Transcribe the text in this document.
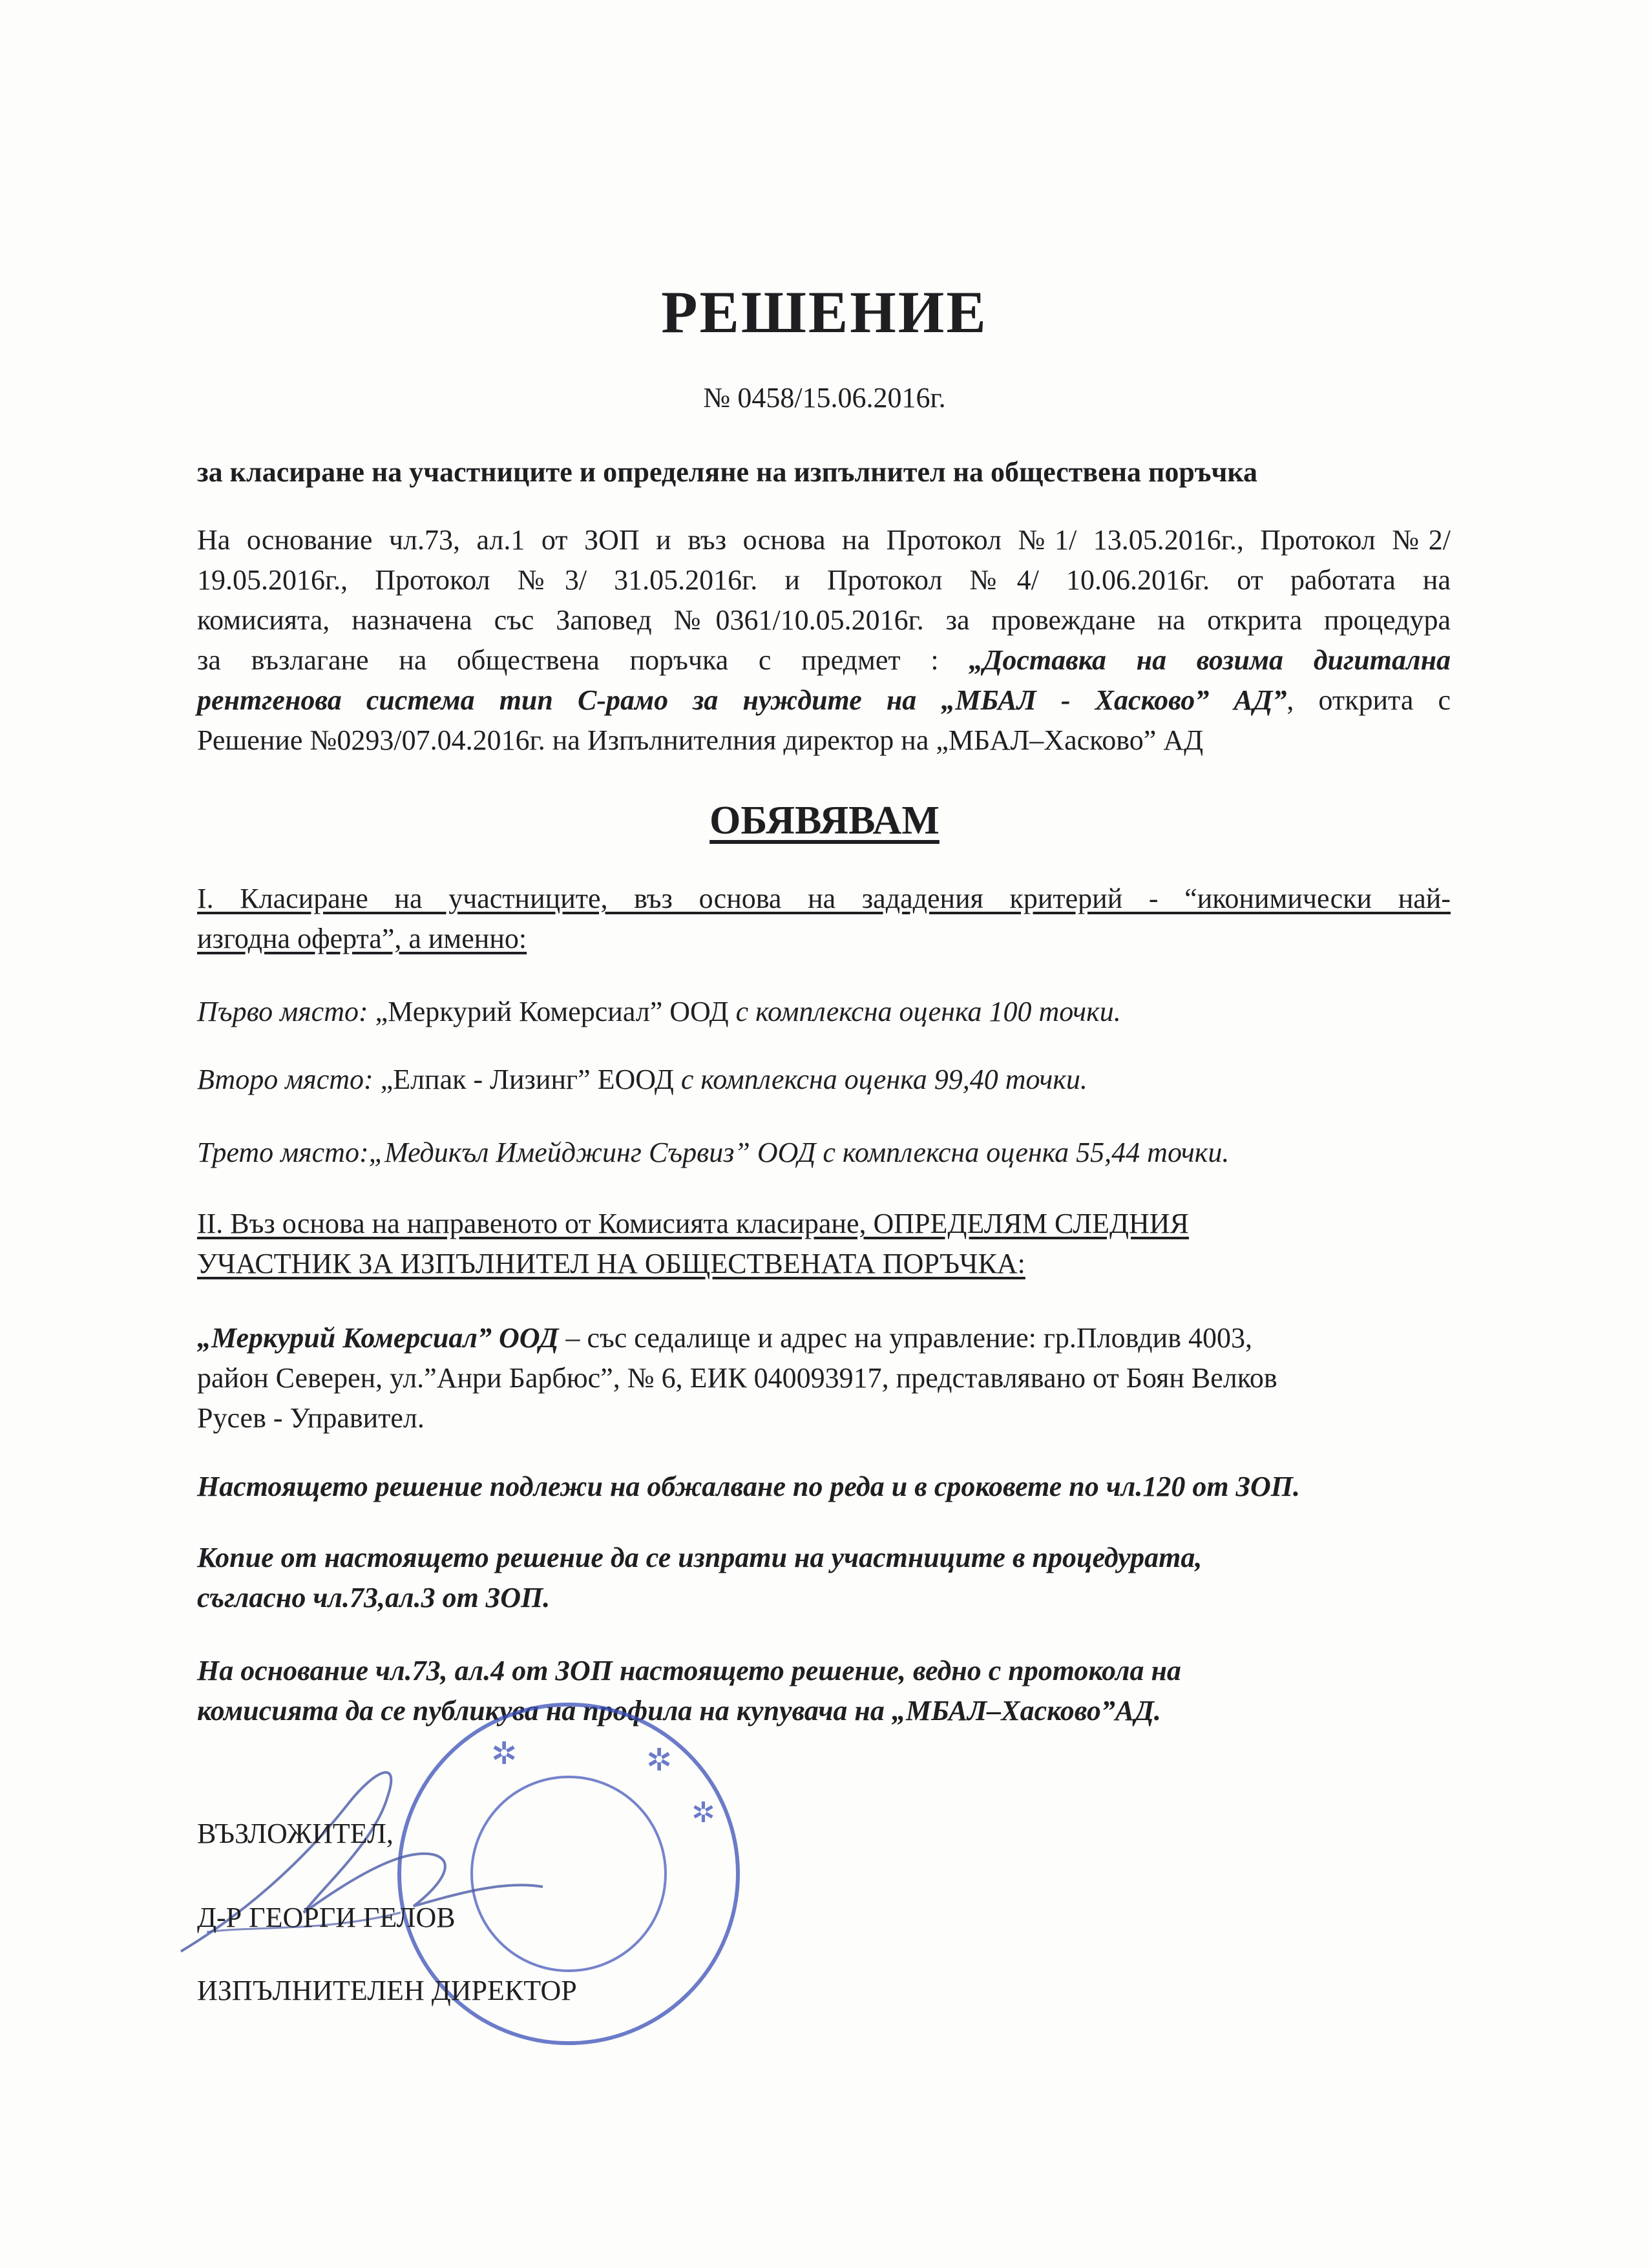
РЕШЕНИЕ
№ 0458/15.06.2016г.
за класиране на участниците и определяне на изпълнител на обществена поръчка
На основание чл.73, ал.1 от ЗОП и въз основа на Протокол №1/ 13.05.2016г., Протокол №2/
19.05.2016г., Протокол №3/ 31.05.2016г. и Протокол №4/ 10.06.2016г. от работата на
комисията, назначена със Заповед №0361/10.05.2016г. за провеждане на открита процедура
за възлагане на обществена поръчка с предмет : „Доставка на возима дигитална
рентгенова система тип С-рамо за нуждите на „МБАЛ - Хасково” АД”, открита с
Решение №0293/07.04.2016г. на Изпълнителния директор на „МБАЛ–Хасково” АД
ОБЯВЯВАМ
I. Класиране на участниците, въз основа на зададения критерий - “иконимически най-
изгодна оферта”, а именно:
Първо място: „Меркурий Комерсиал” ООД с комплексна оценка 100 точки.
Второ място: „Елпак - Лизинг” ЕООД с комплексна оценка 99,40 точки.
Трето място:„Медикъл Имейджинг Сървиз” ООД с комплексна оценка 55,44 точки.
II. Въз основа на направеното от Комисията класиране, ОПРЕДЕЛЯМ СЛЕДНИЯ
УЧАСТНИК ЗА ИЗПЪЛНИТЕЛ НА ОБЩЕСТВЕНАТА ПОРЪЧКА:
„Меркурий Комерсиал” ООД – със седалище и адрес на управление: гр.Пловдив 4003,
район Северен, ул.”Анри Барбюс”, № 6, ЕИК 040093917, представлявано от Боян Велков
Русев - Управител.
Настоящето решение подлежи на обжалване по реда и в сроковете по чл.120 от ЗОП.
Копие от настоящето решение да се изпрати на участниците в процедурата,
съгласно чл.73,ал.3 от ЗОП.
На основание чл.73, ал.4 от ЗОП настоящето решение, ведно с протокола на
комисията да се публикува на профила на купувача на „МБАЛ–Хасково”АД.
✲	✲
✲
ВЪЗЛОЖИТЕЛ,
Д-Р ГЕОРГИ ГЕЛОВ
ИЗПЪЛНИТЕЛЕН ДИРЕКТОР
